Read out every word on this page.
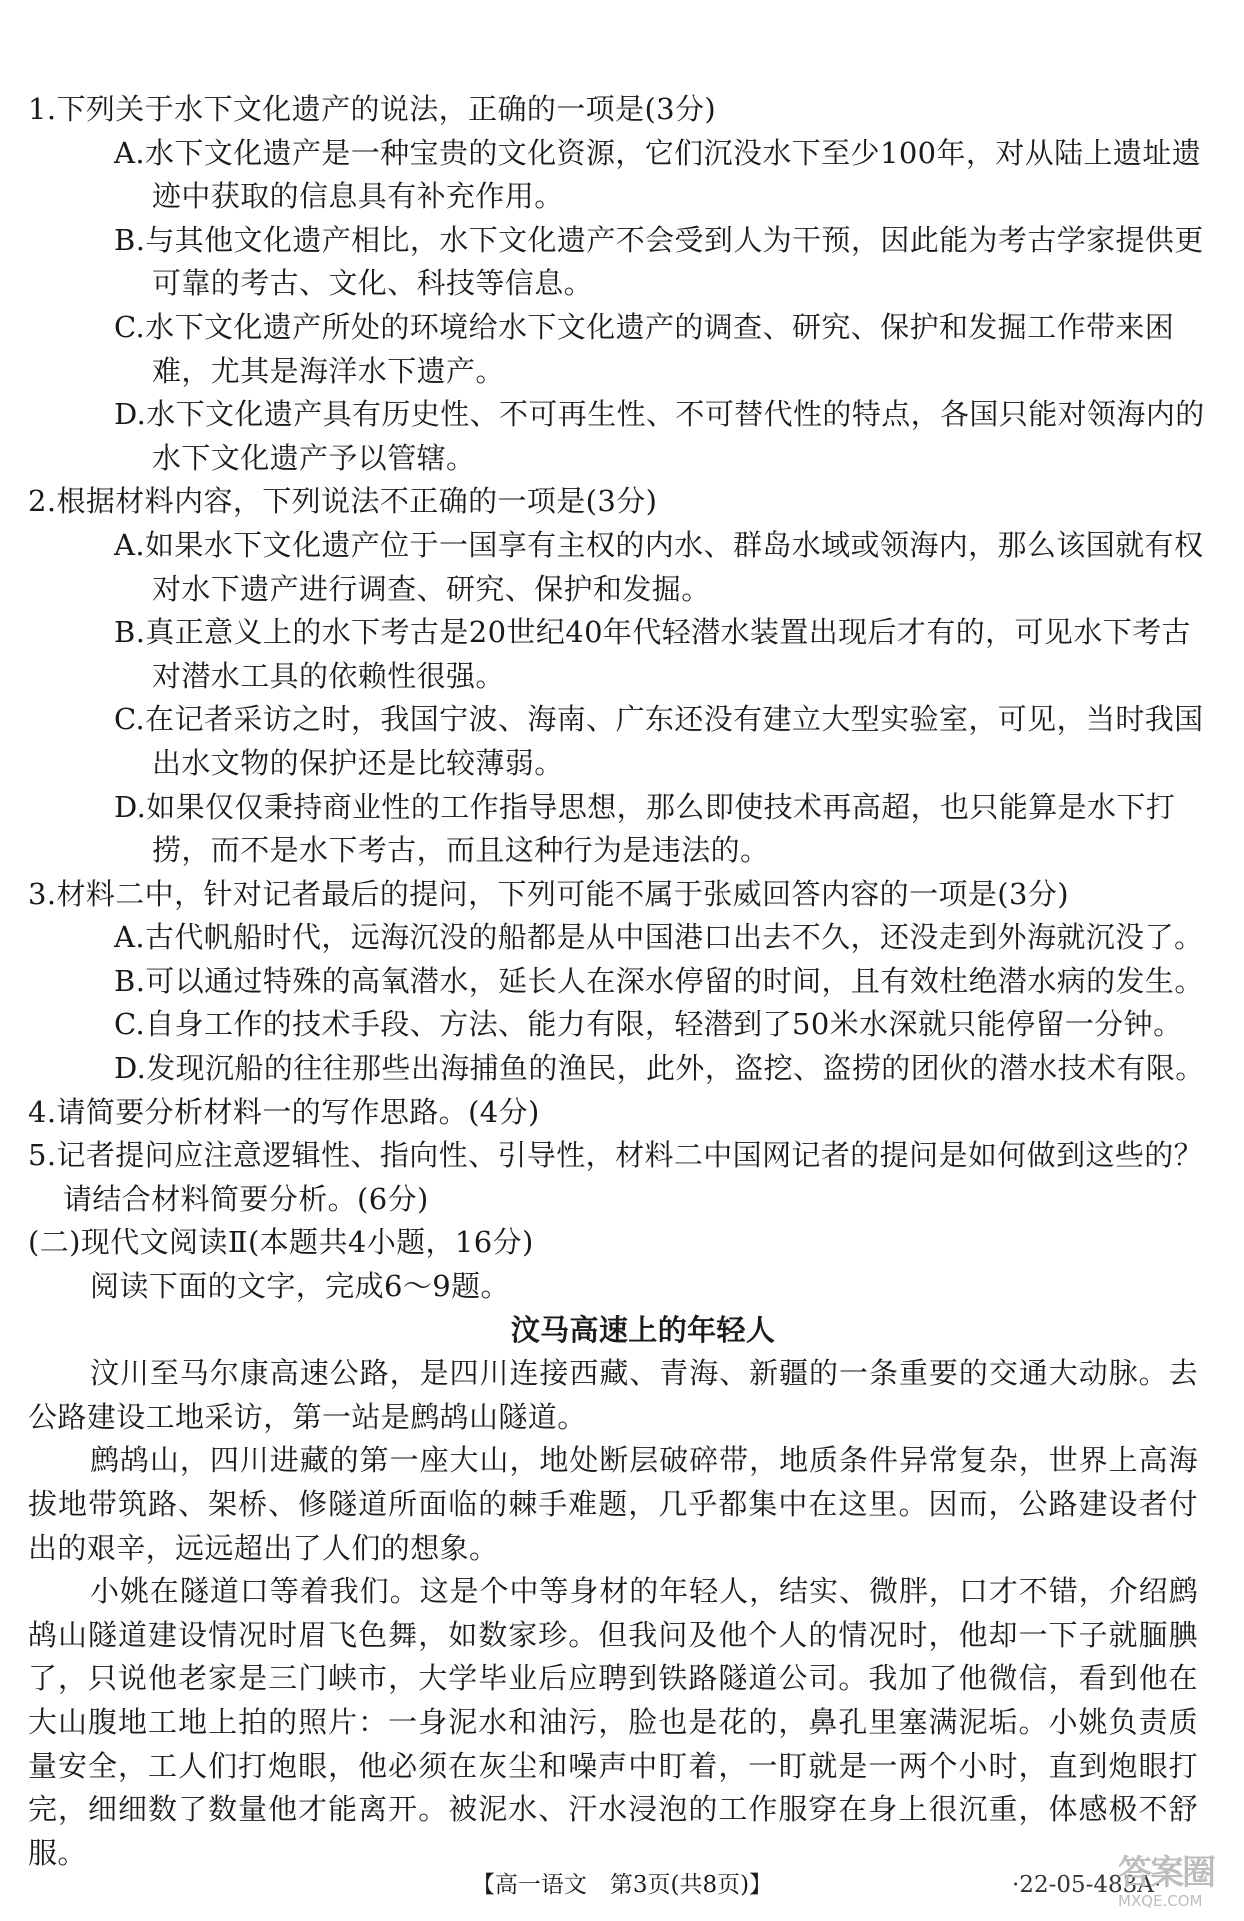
1.下列关于水下文化遗产的说法，正确的一项是(3分)

A.水下文化遗产是一种宝贵的文化资源，它们沉没水下至少100年，对从陆上遗址遗迹中获取的信息具有补充作用。

B.与其他文化遗产相比，水下文化遗产不会受到人为干预，因此能为考古学家提供更可靠的考古、文化、科技等信息。

C.水下文化遗产所处的环境给水下文化遗产的调查、研究、保护和发掘工作带来困难，尤其是海洋水下遗产。

D.水下文化遗产具有历史性、不可再生性、不可替代性的特点，各国只能对领海内的水下文化遗产予以管辖。

2.根据材料内容，下列说法不正确的一项是(3分)

A.如果水下文化遗产位于一国享有主权的内水、群岛水域或领海内，那么该国就有权对水下遗产进行调查、研究、保护和发掘。

B.真正意义上的水下考古是20世纪40年代轻潜水装置出现后才有的，可见水下考古对潜水工具的依赖性很强。

C.在记者采访之时，我国宁波、海南、广东还没有建立大型实验室，可见，当时我国出水文物的保护还是比较薄弱。

D.如果仅仅秉持商业性的工作指导思想，那么即使技术再高超，也只能算是水下打捞，而不是水下考古，而且这种行为是违法的。

3.材料二中，针对记者最后的提问，下列可能不属于张威回答内容的一项是(3分)

A.古代帆船时代，远海沉没的船都是从中国港口出去不久，还没走到外海就沉没了。

B.可以通过特殊的高氧潜水，延长人在深水停留的时间，且有效杜绝潜水病的发生。

C.自身工作的技术手段、方法、能力有限，轻潜到了50米水深就只能停留一分钟。

D.发现沉船的往往那些出海捕鱼的渔民，此外，盗挖、盗捞的团伙的潜水技术有限。

4.请简要分析材料一的写作思路。(4分)

5.记者提问应注意逻辑性、指向性、引导性，材料二中国网记者的提问是如何做到这些的？请结合材料简要分析。(6分)

(二)现代文阅读Ⅱ(本题共4小题，16分)

阅读下面的文字，完成6～9题。

汶马高速上的年轻人

汶川至马尔康高速公路，是四川连接西藏、青海、新疆的一条重要的交通大动脉。去公路建设工地采访，第一站是鹧鸪山隧道。

鹧鸪山，四川进藏的第一座大山，地处断层破碎带，地质条件异常复杂，世界上高海拔地带筑路、架桥、修隧道所面临的棘手难题，几乎都集中在这里。因而，公路建设者付出的艰辛，远远超出了人们的想象。

小姚在隧道口等着我们。这是个中等身材的年轻人，结实、微胖，口才不错，介绍鹧鸪山隧道建设情况时眉飞色舞，如数家珍。但我问及他个人的情况时，他却一下子就腼腆了，只说他老家是三门峡市，大学毕业后应聘到铁路隧道公司。我加了他微信，看到他在大山腹地工地上拍的照片：一身泥水和油污，脸也是花的，鼻孔里塞满泥垢。小姚负责质量安全，工人们打炮眼，他必须在灰尘和噪声中盯着，一盯就是一两个小时，直到炮眼打完，细细数了数量他才能离开。被泥水、汗水浸泡的工作服穿在身上很沉重，体感极不舒服。

【高一语文　第3页(共8页)】	·22-05-483A·
答案圈
MXQE.COM
